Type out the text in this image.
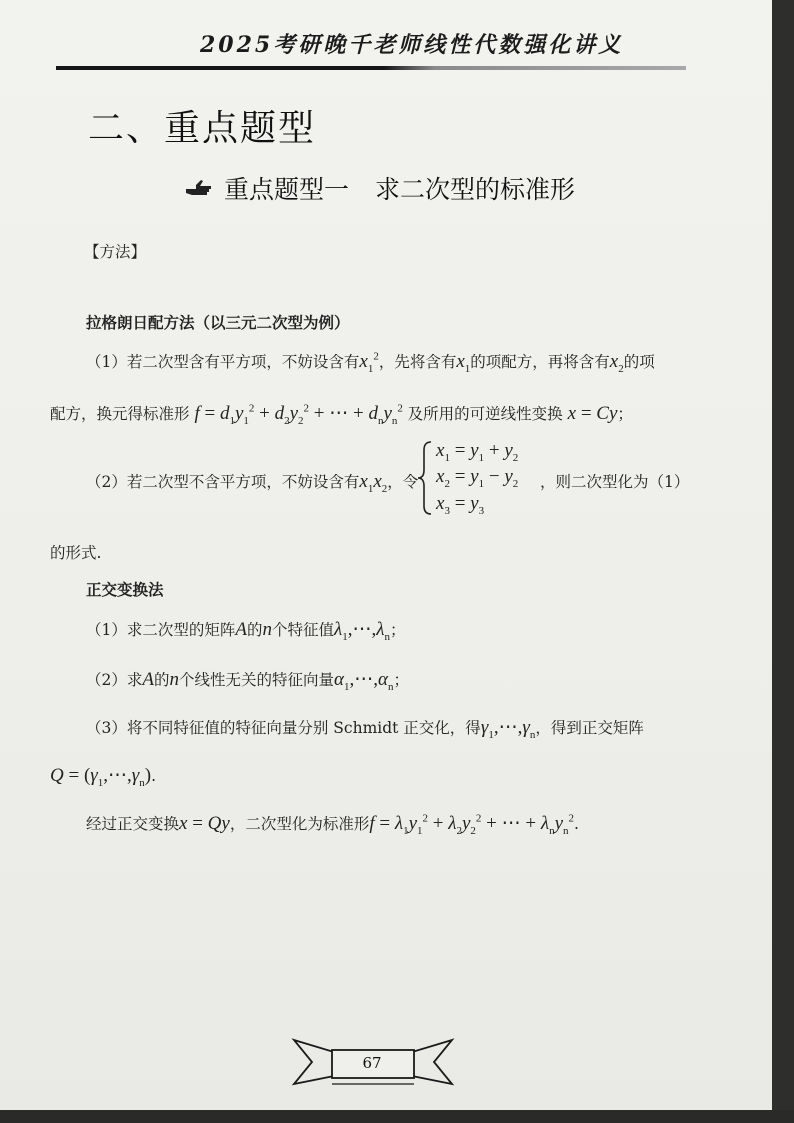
2025考研晚千老师线性代数强化讲义
二、重点题型
重点题型一 求二次型的标准形
【方法】
拉格朗日配方法（以三元二次型为例）
（1）若二次型含有平方项，不妨设含有$x_1^2$，先将含有$x_1$的项配方，再将含有$x_2$的项
配方，换元得标准形 $f = d_1y_1^2 + d_2y_2^2$ + ⋯ + $d_ny_n^2$ 及所用的可逆线性变换 x = Cy；
（2）若二次型不含平方项，不妨设含有$x_1x_2$，令
$x_1 = y_1 + y_2$
$x_2 = y_1 - y_2$
$x_3 = y_3$
，则二次型化为（1）
的形式.
正交变换法
（1）求二次型的矩阵A的n个特征值$\lambda_1,\cdots,\lambda_n$；
（2）求A的n个线性无关的特征向量$\alpha_1,\cdots,\alpha_n$；
（3）将不同特征值的特征向量分别 Schmidt 正交化，得$\gamma_1,\cdots,\gamma_n$，得到正交矩阵
$Q = (\gamma_1,\cdots,\gamma_n)$.
经过正交变换x = Qy，二次型化为标准形$f = \lambda_1y_1^2 + \lambda_2y_2^2$ + ⋯ + $\lambda_ny_n^2$.
67
